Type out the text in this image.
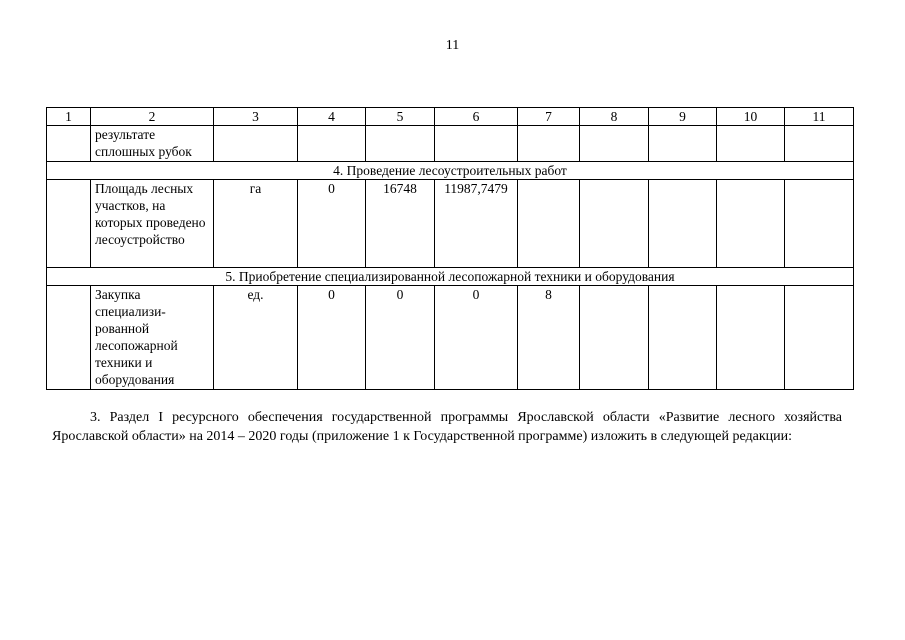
11
1	2	3	4	5	6	7	8	9	10	11
	результате сплошных рубок									
4. Проведение лесоустроительных работ										
	Площадь лесных участков, на которых проведено лесоустройство	га	0	16748	11987,7479					
5. Приобретение специализированной лесопожарной техники и оборудования										
	Закупка специализи-рованной лесопожарной техники и оборудования	ед.	0	0	0	8				

3. Раздел I ресурсного обеспечения государственной программы Ярославской области «Развитие лесного хозяйства Ярославской области» на 2014 – 2020 годы (приложение 1 к Государственной программе) изложить в следующей редакции:
